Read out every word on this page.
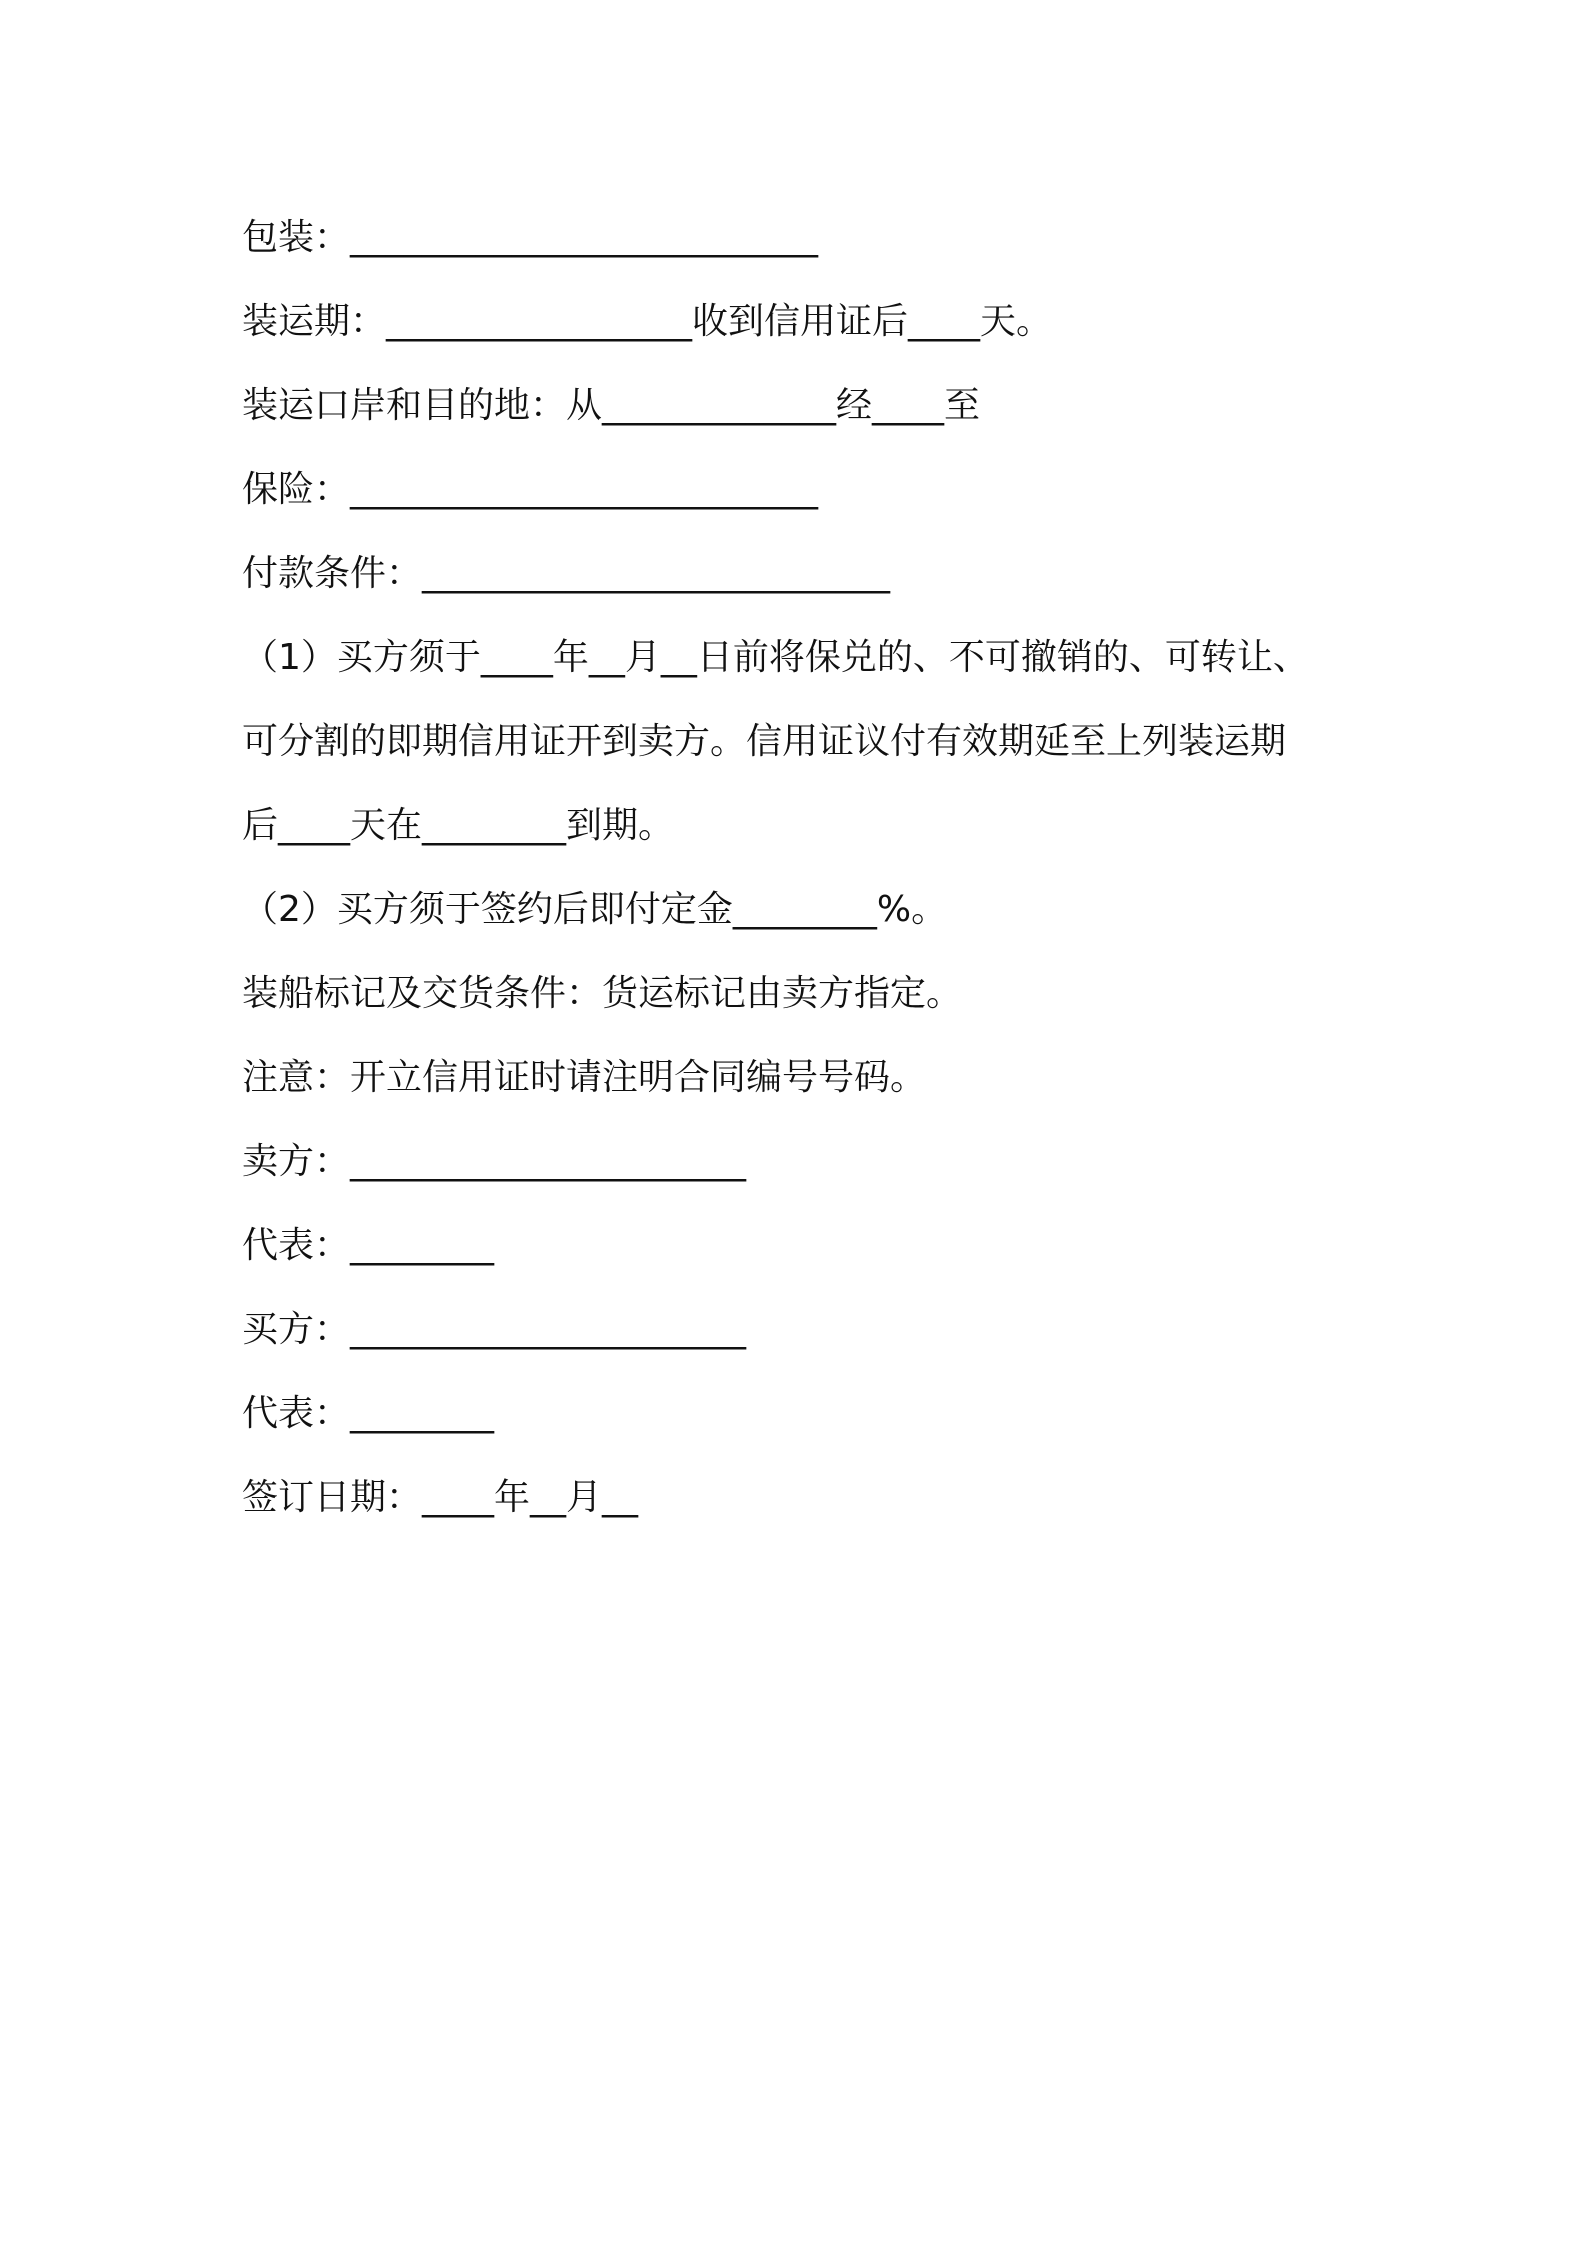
包装：__________________________
装运期：_________________收到信用证后____天。
装运口岸和目的地：从_____________经____至
保险：__________________________
付款条件：__________________________
（1）买方须于____年__月__日前将保兑的、不可撤销的、可转让、
可分割的即期信用证开到卖方。信用证议付有效期延至上列装运期
后____天在________到期。
（2）买方须于签约后即付定金________%。
装船标记及交货条件：货运标记由卖方指定。
注意：开立信用证时请注明合同编号号码。
卖方：______________________
代表：________
买方：______________________
代表：________
签订日期：____年__月__
